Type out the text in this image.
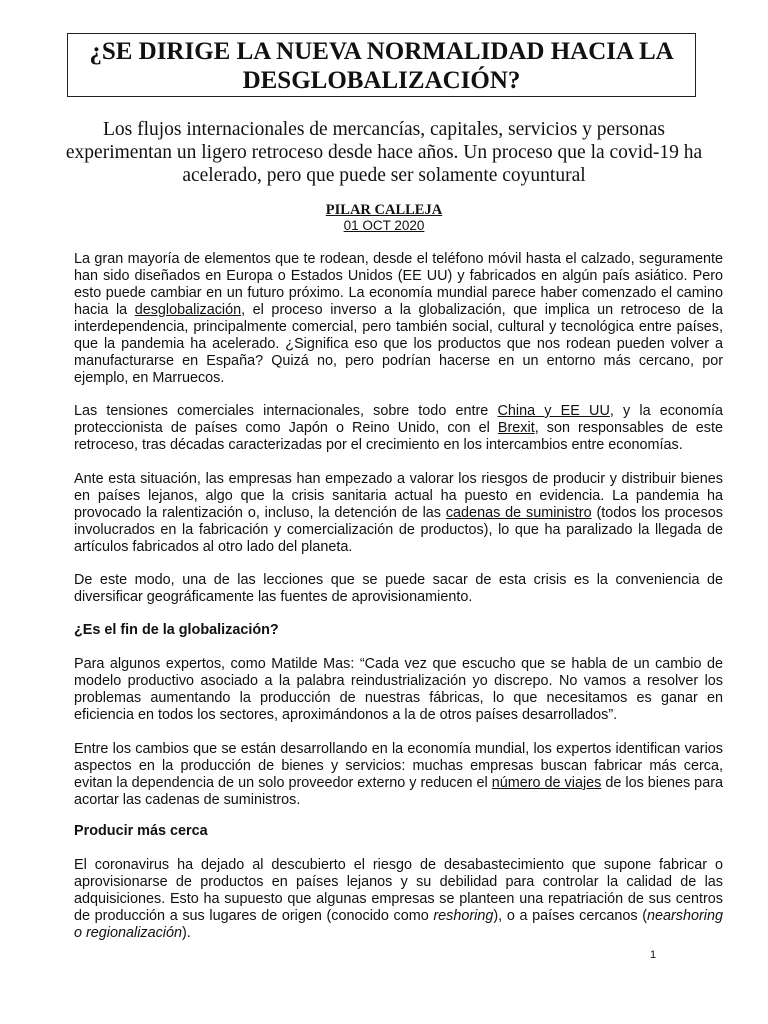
¿SE DIRIGE LA NUEVA NORMALIDAD HACIA LA DESGLOBALIZACIÓN?
Los flujos internacionales de mercancías, capitales, servicios y personas experimentan un ligero retroceso desde hace años. Un proceso que la covid-19 ha acelerado, pero que puede ser solamente coyuntural
PILAR CALLEJA
01 OCT 2020

La gran mayoría de elementos que te rodean, desde el teléfono móvil hasta el calzado, seguramente han sido diseñados en Europa o Estados Unidos (EE UU) y fabricados en algún país asiático. Pero esto puede cambiar en un futuro próximo. La economía mundial parece haber comenzado el camino hacia la desglobalización, el proceso inverso a la globalización, que implica un retroceso de la interdependencia, principalmente comercial, pero también social, cultural y tecnológica entre países, que la pandemia ha acelerado. ¿Significa eso que los productos que nos rodean pueden volver a manufacturarse en España? Quizá no, pero podrían hacerse en un entorno más cercano, por ejemplo, en Marruecos.

Las tensiones comerciales internacionales, sobre todo entre China y EE UU, y la economía proteccionista de países como Japón o Reino Unido, con el Brexit, son responsables de este retroceso, tras décadas caracterizadas por el crecimiento en los intercambios entre economías.

Ante esta situación, las empresas han empezado a valorar los riesgos de producir y distribuir bienes en países lejanos, algo que la crisis sanitaria actual ha puesto en evidencia. La pandemia ha provocado la ralentización o, incluso, la detención de las cadenas de suministro (todos los procesos involucrados en la fabricación y comercialización de productos), lo que ha paralizado la llegada de artículos fabricados al otro lado del planeta.

De este modo, una de las lecciones que se puede sacar de esta crisis es la conveniencia de diversificar geográficamente las fuentes de aprovisionamiento.

¿Es el fin de la globalización?

Para algunos expertos, como Matilde Mas: “Cada vez que escucho que se habla de un cambio de modelo productivo asociado a la palabra reindustrialización yo discrepo. No vamos a resolver los problemas aumentando la producción de nuestras fábricas, lo que necesitamos es ganar en eficiencia en todos los sectores, aproximándonos a la de otros países desarrollados”.

Entre los cambios que se están desarrollando en la economía mundial, los expertos identifican varios aspectos en la producción de bienes y servicios: muchas empresas buscan fabricar más cerca, evitan la dependencia de un solo proveedor externo y reducen el número de viajes de los bienes para acortar las cadenas de suministros.

Producir más cerca

El coronavirus ha dejado al descubierto el riesgo de desabastecimiento que supone fabricar o aprovisionarse de productos en países lejanos y su debilidad para controlar la calidad de las adquisiciones. Esto ha supuesto que algunas empresas se planteen una repatriación de sus centros de producción a sus lugares de origen (conocido como reshoring), o a países cercanos (nearshoring o regionalización).

1
